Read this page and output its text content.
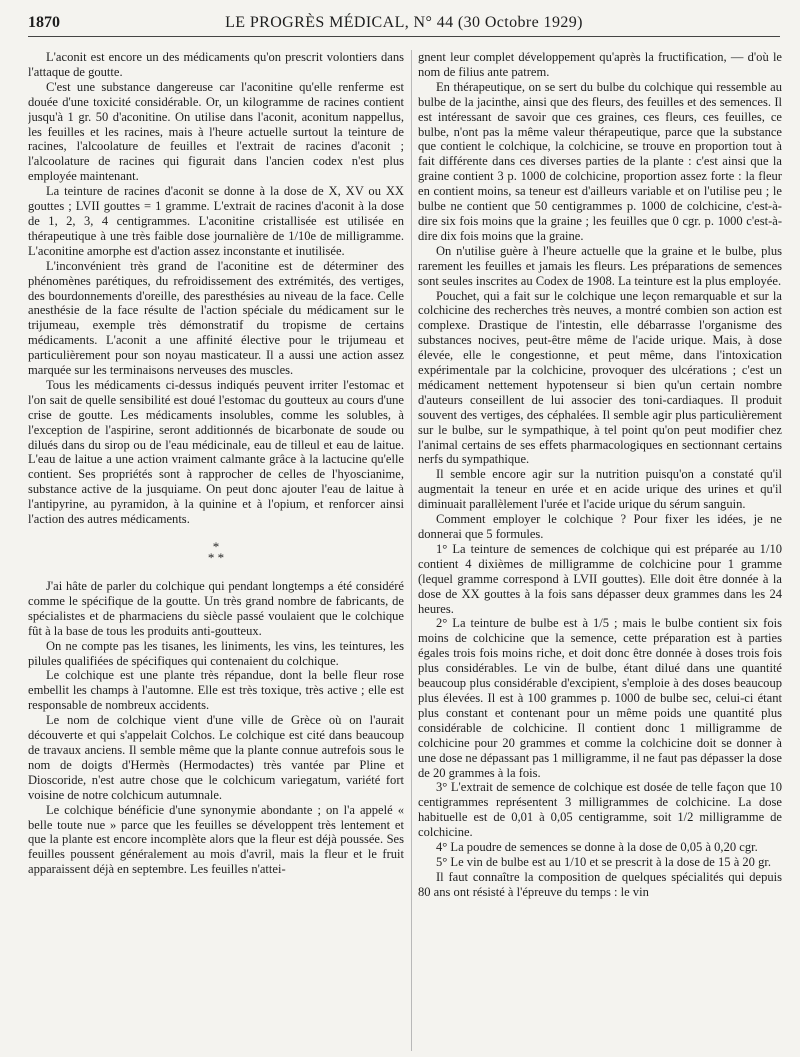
1870	LE PROGRÈS MÉDICAL, N° 44 (30 Octobre 1929)

L'aconit est encore un des médicaments qu'on prescrit volontiers dans l'attaque de goutte.

C'est une substance dangereuse car l'aconitine qu'elle renferme est douée d'une toxicité considérable. Or, un kilogramme de racines contient jusqu'à 1 gr. 50 d'aconitine. On utilise dans l'aconit, aconitum nappellus, les feuilles et les racines, mais à l'heure actuelle surtout la teinture de racines, l'alcoolature de feuilles et l'extrait de racines d'aconit ; l'alcoolature de racines qui figurait dans l'ancien codex n'est plus employée maintenant.

La teinture de racines d'aconit se donne à la dose de X, XV ou XX gouttes ; LVII gouttes = 1 gramme. L'extrait de racines d'aconit à la dose de 1, 2, 3, 4 centigrammes. L'aconitine cristallisée est utilisée en thérapeutique à une très faible dose journalière de 1/10e de milligramme. L'aconitine amorphe est d'action assez inconstante et inutilisée.

L'inconvénient très grand de l'aconitine est de déterminer des phénomènes parétiques, du refroidissement des extrémités, des vertiges, des bourdonnements d'oreille, des paresthésies au niveau de la face. Celle anesthésie de la face résulte de l'action spéciale du médicament sur le trijumeau, exemple très démonstratif du tropisme de certains médicaments. L'aconit a une affinité élective pour le trijumeau et particulièrement pour son noyau masticateur. Il a aussi une action assez marquée sur les terminaisons nerveuses des muscles.

Tous les médicaments ci-dessus indiqués peuvent irriter l'estomac et l'on sait de quelle sensibilité est doué l'estomac du goutteux au cours d'une crise de goutte. Les médicaments insolubles, comme les solubles, à l'exception de l'aspirine, seront additionnés de bicarbonate de soude ou dilués dans du sirop ou de l'eau médicinale, eau de tilleul et eau de laitue. L'eau de laitue a une action vraiment calmante grâce à la lactucine qu'elle contient. Ses propriétés sont à rapprocher de celles de l'hyoscianime, substance active de la jusquiame. On peut donc ajouter l'eau de laitue à l'antipyrine, au pyramidon, à la quinine et à l'opium, et renforcer ainsi l'action des autres médicaments.

*
* *

J'ai hâte de parler du colchique qui pendant longtemps a été considéré comme le spécifique de la goutte. Un très grand nombre de fabricants, de spécialistes et de pharmaciens du siècle passé voulaient que le colchique fût à la base de tous les produits anti-goutteux.

On ne compte pas les tisanes, les liniments, les vins, les teintures, les pilules qualifiées de spécifiques qui contenaient du colchique.

Le colchique est une plante très répandue, dont la belle fleur rose embellit les champs à l'automne. Elle est très toxique, très active ; elle est responsable de nombreux accidents.

Le nom de colchique vient d'une ville de Grèce où on l'aurait découverte et qui s'appelait Colchos. Le colchique est cité dans beaucoup de travaux anciens. Il semble même que la plante connue autrefois sous le nom de doigts d'Hermès (Hermodactes) très vantée par Pline et Dioscoride, n'est autre chose que le colchicum variegatum, variété fort voisine de notre colchicum autumnale.

Le colchique bénéficie d'une synonymie abondante ; on l'a appelé « belle toute nue » parce que les feuilles se développent très lentement et que la plante est encore incomplète alors que la fleur est déjà poussée. Ses feuilles poussent généralement au mois d'avril, mais la fleur et le fruit apparaissent déjà en septembre. Les feuilles n'attei-

gnent leur complet développement qu'après la fructification, — d'où le nom de filius ante patrem.

En thérapeutique, on se sert du bulbe du colchique qui ressemble au bulbe de la jacinthe, ainsi que des fleurs, des feuilles et des semences. Il est intéressant de savoir que ces graines, ces fleurs, ces feuilles, ce bulbe, n'ont pas la même valeur thérapeutique, parce que la substance que contient le colchique, la colchicine, se trouve en proportion tout à fait différente dans ces diverses parties de la plante : c'est ainsi que la graine contient 3 p. 1000 de colchicine, proportion assez forte : la fleur en contient moins, sa teneur est d'ailleurs variable et on l'utilise peu ; le bulbe ne contient que 50 centigrammes p. 1000 de colchicine, c'est-à-dire six fois moins que la graine ; les feuilles que 0 cgr. p. 1000 c'est-à-dire dix fois moins que la graine.

On n'utilise guère à l'heure actuelle que la graine et le bulbe, plus rarement les feuilles et jamais les fleurs. Les préparations de semences sont seules inscrites au Codex de 1908. La teinture est la plus employée.

Pouchet, qui a fait sur le colchique une leçon remarquable et sur la colchicine des recherches très neuves, a montré combien son action est complexe. Drastique de l'intestin, elle débarrasse l'organisme des substances nocives, peut-être même de l'acide urique. Mais, à dose élevée, elle le congestionne, et peut même, dans l'intoxication expérimentale par la colchicine, provoquer des ulcérations ; c'est un médicament nettement hypotenseur si bien qu'un certain nombre d'auteurs conseillent de lui associer des toni-cardiaques. Il produit souvent des vertiges, des céphalées. Il semble agir plus particulièrement sur le bulbe, sur le sympathique, à tel point qu'on peut modifier chez l'animal certains de ses effets pharmacologiques en sectionnant certains nerfs du sympathique.

Il semble encore agir sur la nutrition puisqu'on a constaté qu'il augmentait la teneur en urée et en acide urique des urines et qu'il diminuait parallèlement l'urée et l'acide urique du sérum sanguin.

Comment employer le colchique ? Pour fixer les idées, je ne donnerai que 5 formules.

1° La teinture de semences de colchique qui est préparée au 1/10 contient 4 dixièmes de milligramme de colchicine pour 1 gramme (lequel gramme correspond à LVII gouttes). Elle doit être donnée à la dose de XX gouttes à la fois sans dépasser deux grammes dans les 24 heures.

2° La teinture de bulbe est à 1/5 ; mais le bulbe contient six fois moins de colchicine que la semence, cette préparation est à parties égales trois fois moins riche, et doit donc être donnée à doses trois fois plus considérables. Le vin de bulbe, étant dilué dans une quantité beaucoup plus considérable d'excipient, s'emploie à des doses beaucoup plus élevées. Il est à 100 grammes p. 1000 de bulbe sec, celui-ci étant plus constant et contenant pour un même poids une quantité plus considérable de colchicine. Il contient donc 1 milligramme de colchicine pour 20 grammes et comme la colchicine doit se donner à une dose ne dépassant pas 1 milligramme, il ne faut pas dépasser la dose de 20 grammes à la fois.

3° L'extrait de semence de colchique est dosée de telle façon que 10 centigrammes représentent 3 milligrammes de colchicine. La dose habituelle est de 0,01 à 0,05 centigramme, soit 1/2 milligramme de colchicine.

4° La poudre de semences se donne à la dose de 0,05 à 0,20 cgr.

5° Le vin de bulbe est au 1/10 et se prescrit à la dose de 15 à 20 gr.

Il faut connaître la composition de quelques spécialités qui depuis 80 ans ont résisté à l'épreuve du temps : le vin
